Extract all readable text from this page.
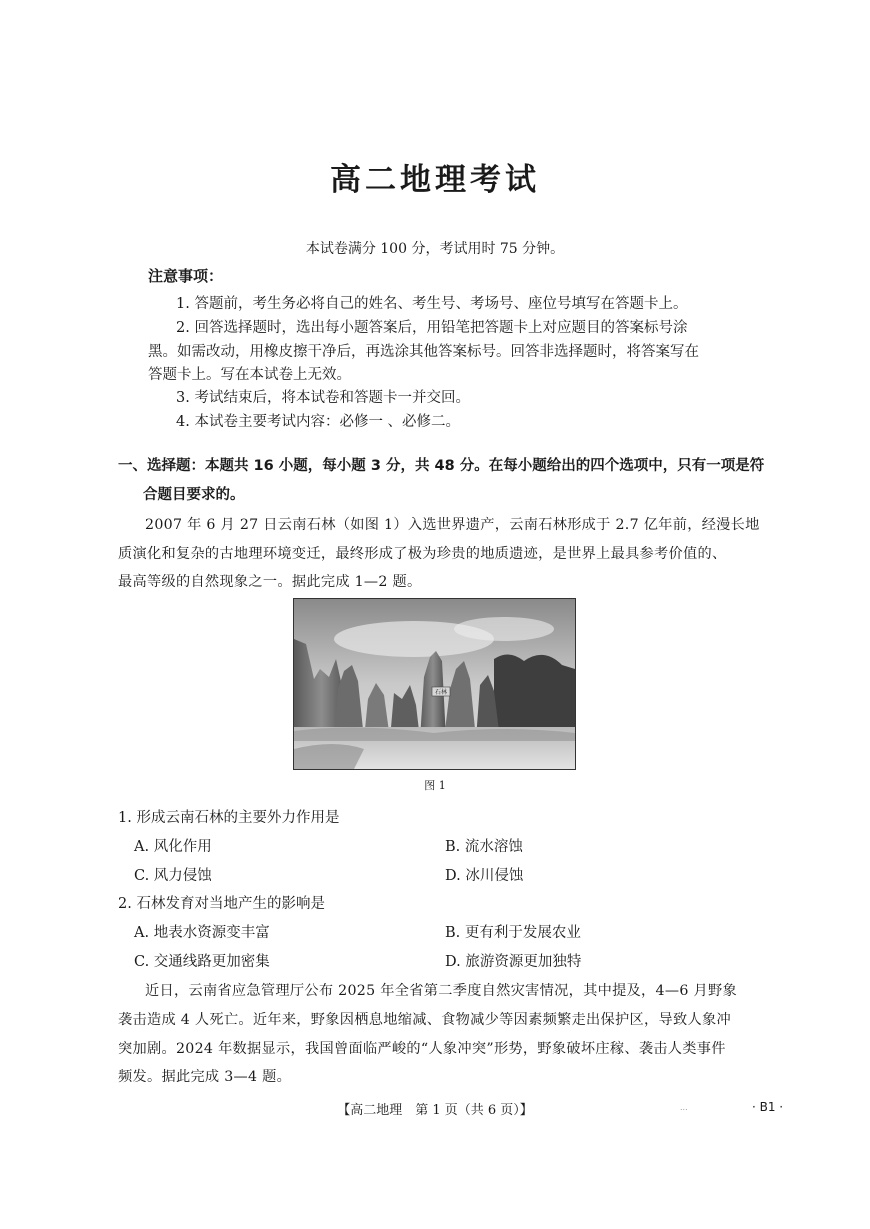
高二地理考试
本试卷满分 100 分，考试用时 75 分钟。
注意事项：
1. 答题前，考生务必将自己的姓名、考生号、考场号、座位号填写在答题卡上。
2. 回答选择题时，选出每小题答案后，用铅笔把答题卡上对应题目的答案标号涂
黑。如需改动，用橡皮擦干净后，再选涂其他答案标号。回答非选择题时，将答案写在
答题卡上。写在本试卷上无效。
3. 考试结束后，将本试卷和答题卡一并交回。
4. 本试卷主要考试内容：必修一 、必修二。
一、选择题：本题共 16 小题，每小题 3 分，共 48 分。在每小题给出的四个选项中，只有一项是符
合题目要求的。
2007 年 6 月 27 日云南石林（如图 1）入选世界遗产，云南石林形成于 2.7 亿年前，经漫长地
质演化和复杂的古地理环境变迁，最终形成了极为珍贵的地质遗迹，是世界上最具参考价值的、
最高等级的自然现象之一。据此完成 1—2 题。
石林
图 1
1. 形成云南石林的主要外力作用是
A. 风化作用	B. 流水溶蚀
C. 风力侵蚀	D. 冰川侵蚀
2. 石林发育对当地产生的影响是
A. 地表水资源变丰富	B. 更有利于发展农业
C. 交通线路更加密集	D. 旅游资源更加独特
近日，云南省应急管理厅公布 2025 年全省第二季度自然灾害情况，其中提及，4—6 月野象
袭击造成 4 人死亡。近年来，野象因栖息地缩减、食物减少等因素频繁走出保护区，导致人象冲
突加剧。2024 年数据显示，我国曾面临严峻的“人象冲突”形势，野象破坏庄稼、袭击人类事件
频发。据此完成 3—4 题。
【高二地理　第 1 页（共 6 页）】	...	· B1 ·
